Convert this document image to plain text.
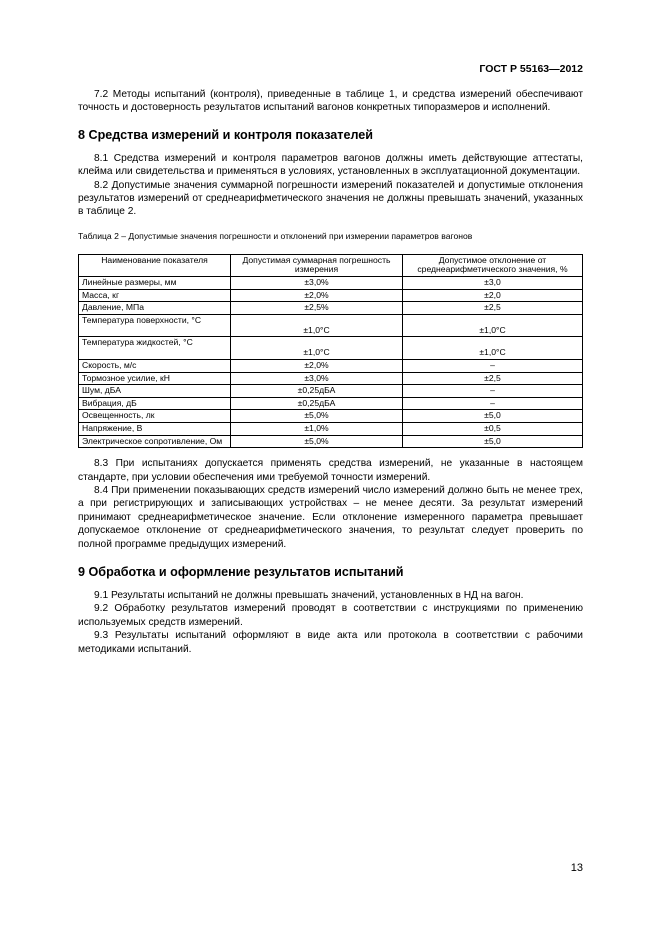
ГОСТ Р 55163—2012

7.2 Методы испытаний (контроля), приведенные в таблице 1, и средства измерений обеспечивают точность и достоверность результатов испытаний вагонов конкретных типоразмеров и исполнений.

8 Средства измерений и контроля показателей

8.1 Средства измерений и контроля параметров вагонов должны иметь действующие аттестаты, клейма или свидетельства и применяться в условиях, установленных в эксплуатационной документации.

8.2 Допустимые значения суммарной погрешности измерений показателей и допустимые отклонения результатов измерений от среднеарифметического значения не должны превышать значений, указанных в таблице 2.

Таблица 2 – Допустимые значения погрешности и отклонений при измерении параметров вагонов

Наименование показателя	Допустимая суммарная погрешность измерения	Допустимое отклонение от среднеарифметического значения, %
Линейные размеры, мм	±3,0%	±3,0
Масса, кг	±2,0%	±2,0
Давление, МПа	±2,5%	±2,5
Температура поверхности, °С	±1,0°С	±1,0°С
Температура жидкостей, °С	±1,0°С	±1,0°С
Скорость, м/с	±2,0%	–
Тормозное усилие, кН	±3,0%	±2,5
Шум, дБА	±0,25дБА	–
Вибрация, дБ	±0,25дБА	–
Освещенность, лк	±5,0%	±5,0
Напряжение, В	±1,0%	±0,5
Электрическое сопротивление, Ом	±5,0%	±5,0

8.3 При испытаниях допускается применять средства измерений, не указанные в настоящем стандарте, при условии обеспечения ими требуемой точности измерений.

8.4 При применении показывающих средств измерений число измерений должно быть не менее трех, а при регистрирующих и записывающих устройствах – не менее десяти. За результат измерений принимают среднеарифметическое значение. Если отклонение измеренного параметра превышает допускаемое отклонение от среднеарифметического значения, то результат следует проверить по полной программе предыдущих измерений.

9 Обработка и оформление результатов испытаний

9.1 Результаты испытаний не должны превышать значений, установленных в НД на вагон.

9.2 Обработку результатов измерений проводят в соответствии с инструкциями по применению используемых средств измерений.

9.3 Результаты испытаний оформляют в виде акта или протокола в соответствии с рабочими методиками испытаний.

13
